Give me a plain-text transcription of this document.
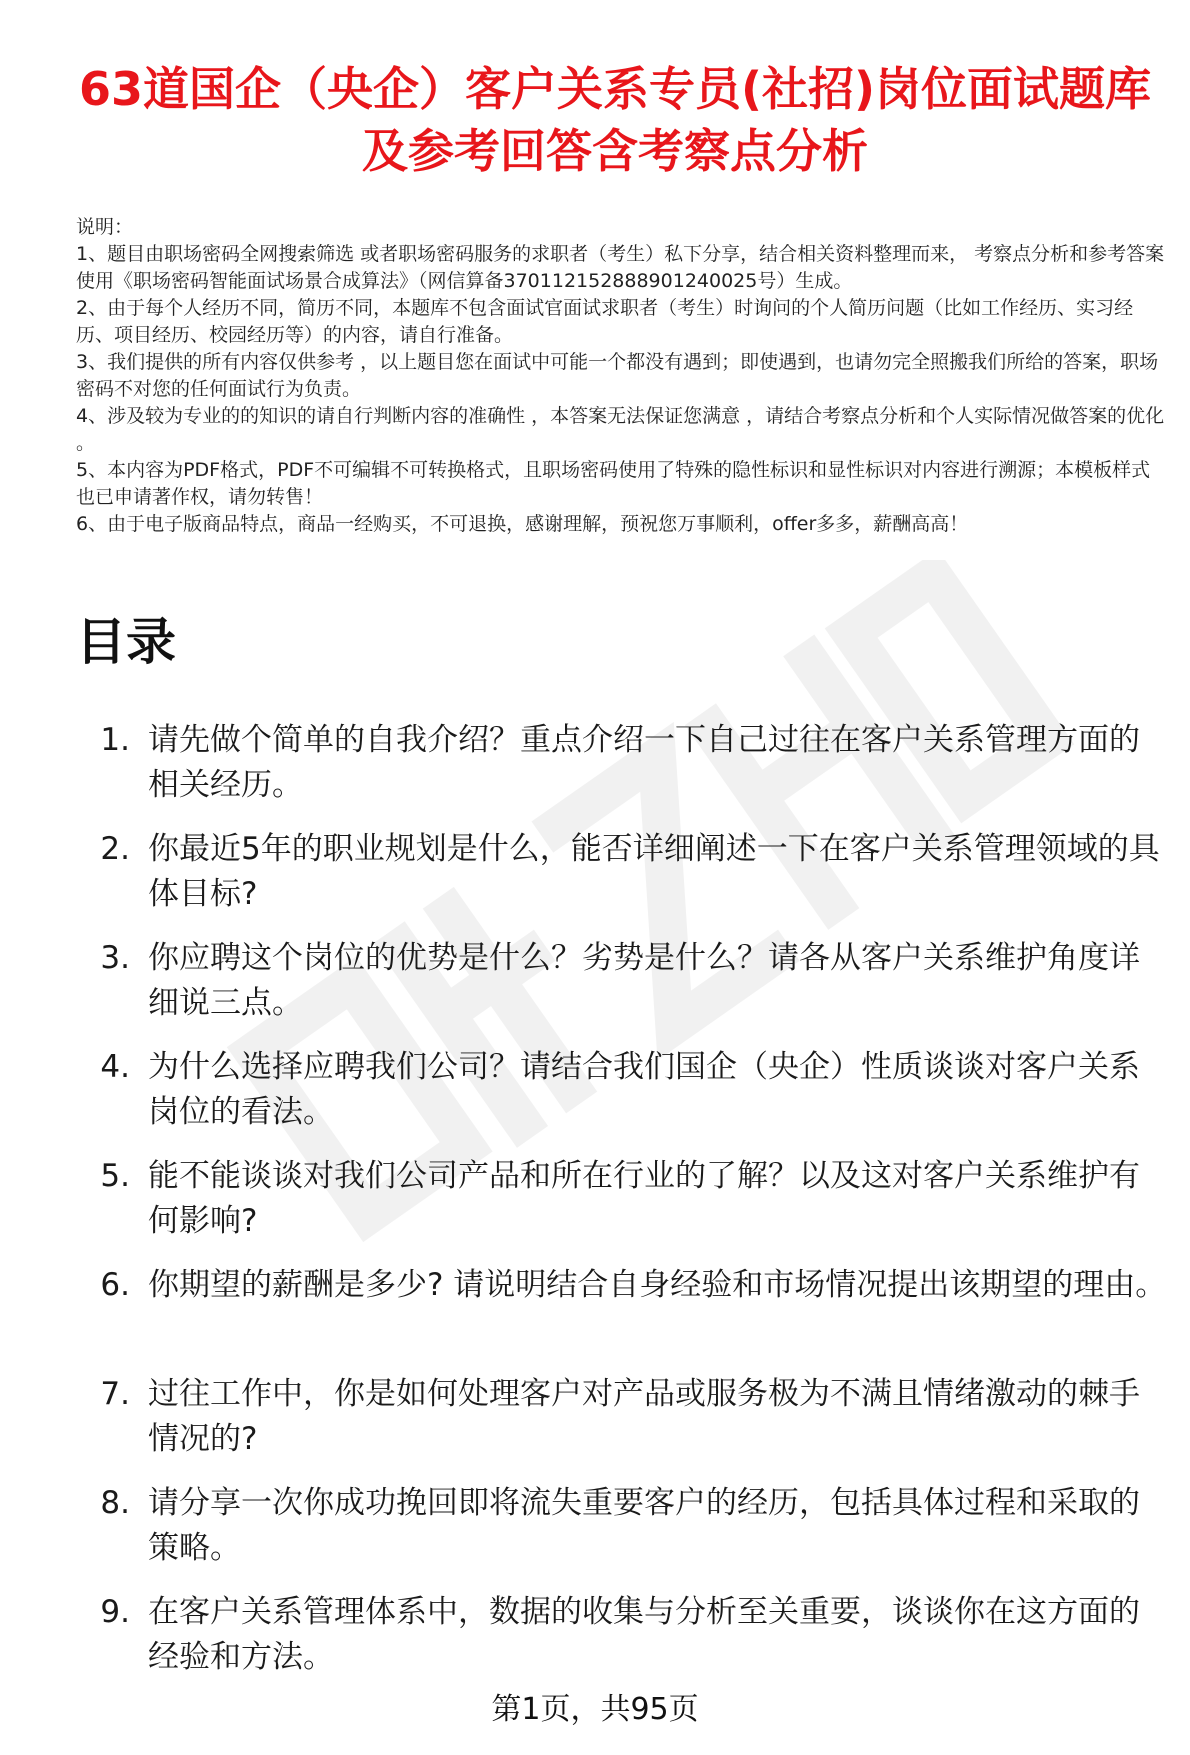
63道国企（央企）客户关系专员(社招)岗位面试题库及参考回答含考察点分析

说明：

1、题目由职场密码全网搜索筛选 或者职场密码服务的求职者（考生）私下分享，结合相关资料整理而来， 考察点分析和参考答案使用《职场密码智能面试场景合成算法》（网信算备370112152888901240025号）生成。

2、由于每个人经历不同，简历不同，本题库不包含面试官面试求职者（考生）时询问的个人简历问题（比如工作经历、实习经历、项目经历、校园经历等）的内容，请自行准备。

3、我们提供的所有内容仅供参考 ，以上题目您在面试中可能一个都没有遇到；即使遇到，也请勿完全照搬我们所给的答案，职场密码不对您的任何面试行为负责。

4、涉及较为专业的的知识的请自行判断内容的准确性 ，本答案无法保证您满意 ，请结合考察点分析和个人实际情况做答案的优化 。

5、本内容为PDF格式，PDF不可编辑不可转换格式，且职场密码使用了特殊的隐性标识和显性标识对内容进行溯源；本模板样式也已申请著作权，请勿转售！

6、由于电子版商品特点，商品一经购买，不可退换，感谢理解，预祝您万事顺利，offer多多，薪酬高高！

目录
1 . 请先做个简单的自我介绍？重点介绍一下自己过往在客户关系管理方面的相关经历。
2 . 你最近5年的职业规划是什么，能否详细阐述一下在客户关系管理领域的具体目标?
3 . 你应聘这个岗位的优势是什么？劣势是什么？请各从客户关系维护角度详细说三点。
4 . 为什么选择应聘我们公司？请结合我们国企（央企）性质谈谈对客户关系岗位的看法。
5 . 能不能谈谈对我们公司产品和所在行业的了解？以及这对客户关系维护有何影响?
6 . 你期望的薪酬是多少? 请说明结合自身经验和市场情况提出该期望的理由。
7 . 过往工作中，你是如何处理客户对产品或服务极为不满且情绪激动的棘手情况的?
8 . 请分享一次你成功挽回即将流失重要客户的经历，包括具体过程和采取的策略。
9 . 在客户关系管理体系中，数据的收集与分析至关重要，谈谈你在这方面的经验和方法。
第1页，共95页
